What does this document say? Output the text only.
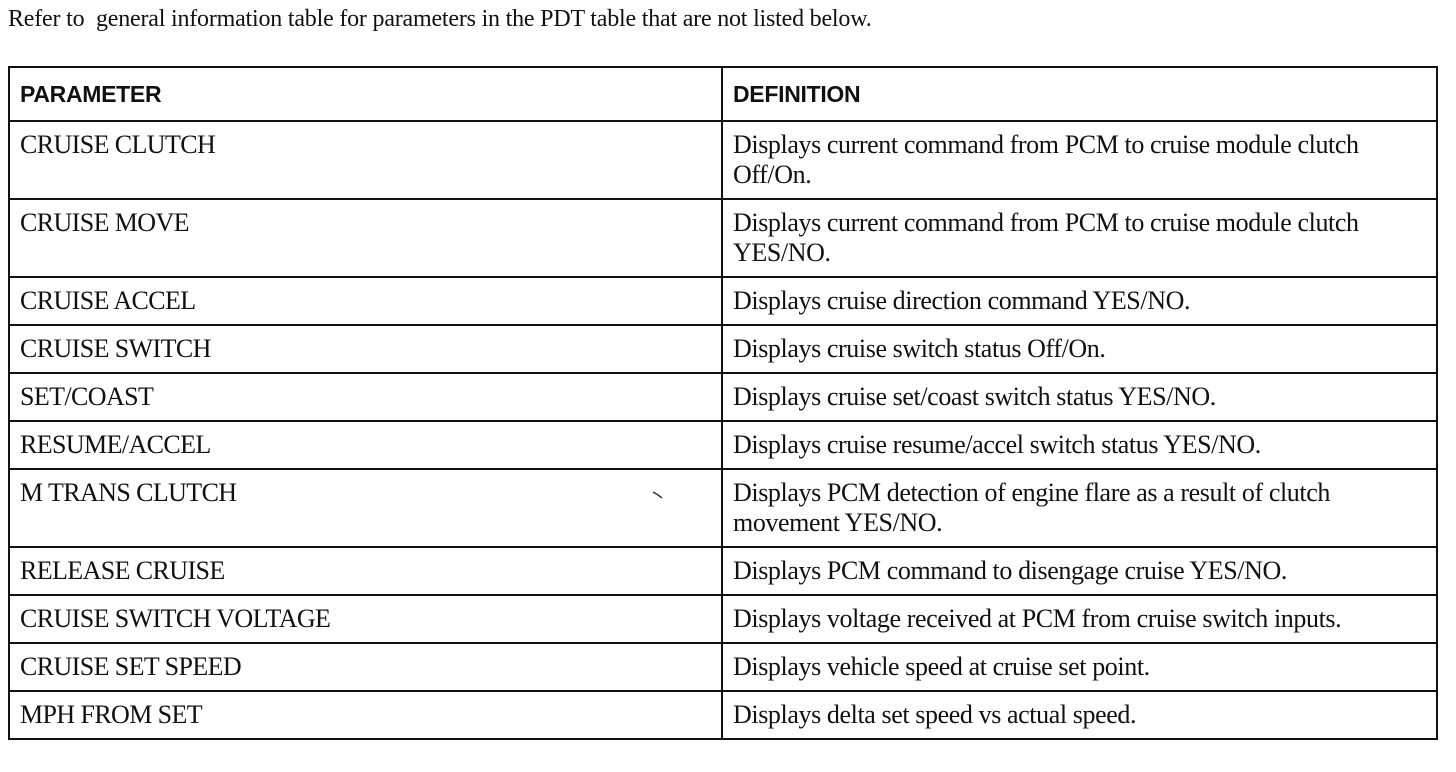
Refer to  general information table for parameters in the PDT table that are not listed below.
PARAMETER	DEFINITION
CRUISE CLUTCH	Displays current command from PCM to cruise module clutch Off/On.
CRUISE MOVE	Displays current command from PCM to cruise module clutch YES/NO.
CRUISE ACCEL	Displays cruise direction command YES/NO.
CRUISE SWITCH	Displays cruise switch status Off/On.
SET/COAST	Displays cruise set/coast switch status YES/NO.
RESUME/ACCEL	Displays cruise resume/accel switch status YES/NO.
M TRANS CLUTCH	Displays PCM detection of engine flare as a result of clutch movement YES/NO.
RELEASE CRUISE	Displays PCM command to disengage cruise YES/NO.
CRUISE SWITCH VOLTAGE	Displays voltage received at PCM from cruise switch inputs.
CRUISE SET SPEED	Displays vehicle speed at cruise set point.
MPH FROM SET	Displays delta set speed vs actual speed.
